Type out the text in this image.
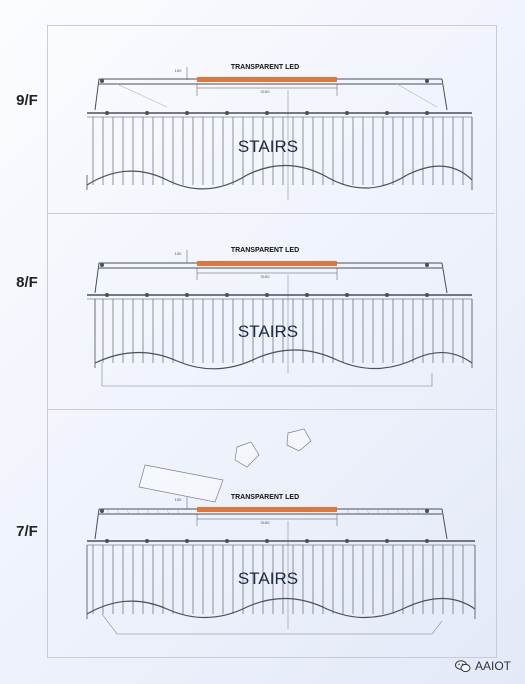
9/F
8/F
7/F
TRANSPARENT LED
150
3150
STAIRS
TRANSPARENT LED
150
3150
STAIRS
TRANSPARENT LED
150
3150
STAIRS
AAIOT
